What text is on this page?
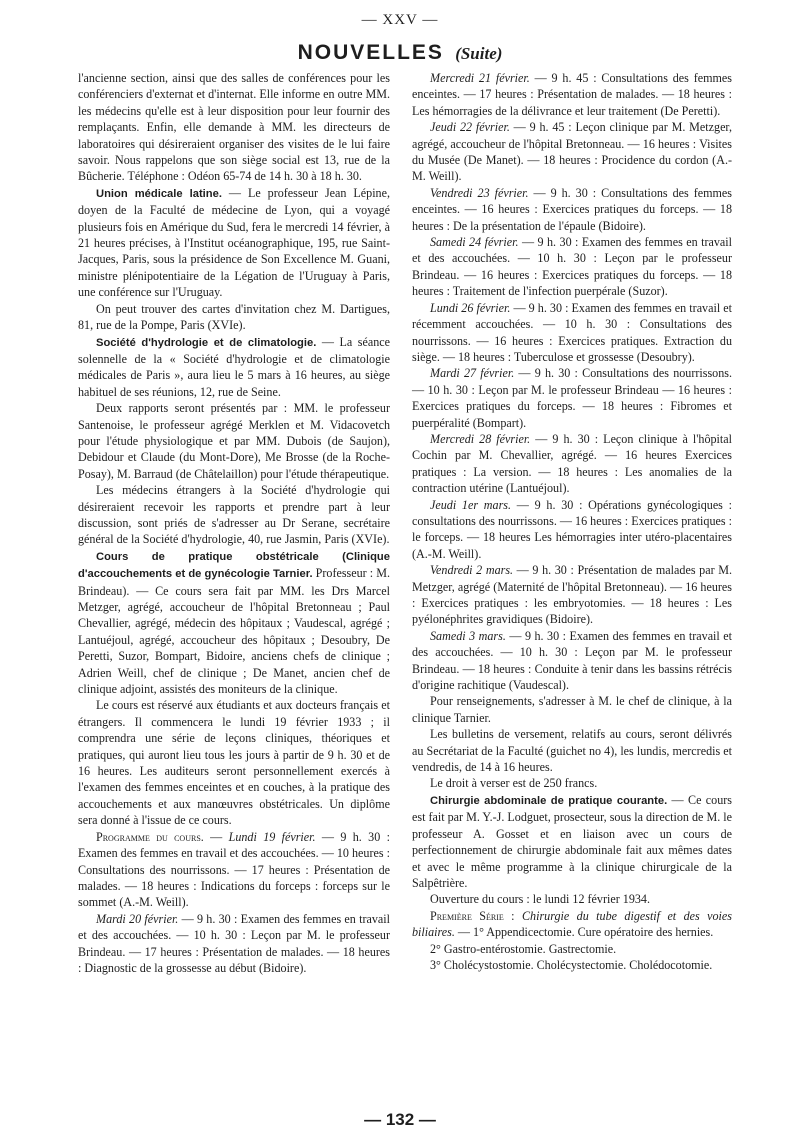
— XXV —
NOUVELLES (Suite)

l'ancienne section, ainsi que des salles de conférences pour les conférenciers d'externat et d'internat. Elle informe en outre MM. les médecins qu'elle est à leur disposition pour leur fournir des remplaçants. Enfin, elle demande à MM. les directeurs de laboratoires qui désireraient organiser des visites de le lui faire savoir. Nous rappelons que son siège social est 13, rue de la Bûcherie. Téléphone : Odéon 65-74 de 14 h. 30 à 18 h. 30.

Union médicale latine. — Le professeur Jean Lépine, doyen de la Faculté de médecine de Lyon, qui a voyagé plusieurs fois en Amérique du Sud, fera le mercredi 14 février, à 21 heures précises, à l'Institut océanographique, 195, rue Saint-Jacques, Paris, sous la présidence de Son Excellence M. Guani, ministre plénipotentiaire de la Légation de l'Uruguay à Paris, une conférence sur l'Uruguay.

On peut trouver des cartes d'invitation chez M. Dartigues, 81, rue de la Pompe, Paris (XVIe).

Société d'hydrologie et de climatologie. — La séance solennelle de la « Société d'hydrologie et de climatologie médicales de Paris », aura lieu le 5 mars à 16 heures, au siège habituel de ses réunions, 12, rue de Seine.

Deux rapports seront présentés par : MM. le professeur Santenoise, le professeur agrégé Merklen et M. Vidacovetch pour l'étude physiologique et par MM. Dubois (de Saujon), Debidour et Claude (du Mont-Dore), Me Brosse (de la Roche-Posay), M. Barraud (de Châtelaillon) pour l'étude thérapeutique.

Les médecins étrangers à la Société d'hydrologie qui désireraient recevoir les rapports et prendre part à leur discussion, sont priés de s'adresser au Dr Serane, secrétaire général de la Société d'hydrologie, 40, rue Jasmin, Paris (XVIe).

Cours de pratique obstétricale (Clinique d'accouchements et de gynécologie Tarnier. Professeur : M. Brindeau). — Ce cours sera fait par MM. les Drs Marcel Metzger, agrégé, accoucheur de l'hôpital Bretonneau ; Paul Chevallier, agrégé, médecin des hôpitaux ; Vaudescal, agrégé ; Lantuéjoul, agrégé, accoucheur des hôpitaux ; Desoubry, De Peretti, Suzor, Bompart, Bidoire, anciens chefs de clinique ; Adrien Weill, chef de clinique ; De Manet, ancien chef de clinique adjoint, assistés des moniteurs de la clinique.

Le cours est réservé aux étudiants et aux docteurs français et étrangers. Il commencera le lundi 19 février 1933 ; il comprendra une série de leçons cliniques, théoriques et pratiques, qui auront lieu tous les jours à partir de 9 h. 30 et de 16 heures. Les auditeurs seront personnellement exercés à l'examen des femmes enceintes et en couches, à la pratique des accouchements et aux manœuvres obstétricales. Un diplôme sera donné à l'issue de ce cours.

Programme du cours. — Lundi 19 février. — 9 h. 30 : Examen des femmes en travail et des accouchées. — 10 heures : Consultations des nourrissons. — 17 heures : Présentation de malades. — 18 heures : Indications du forceps : forceps sur le sommet (A.-M. Weill).

Mardi 20 février. — 9 h. 30 : Examen des femmes en travail et des accouchées. — 10 h. 30 : Leçon par M. le professeur Brindeau. — 17 heures : Présentation de malades. — 18 heures : Diagnostic de la grossesse au début (Bidoire).

Mercredi 21 février. — 9 h. 45 : Consultations des femmes enceintes. — 17 heures : Présentation de malades. — 18 heures : Les hémorragies de la délivrance et leur traitement (De Peretti).

Jeudi 22 février. — 9 h. 45 : Leçon clinique par M. Metzger, agrégé, accoucheur de l'hôpital Bretonneau. — 16 heures : Visites du Musée (De Manet). — 18 heures : Procidence du cordon (A.-M. Weill).

Vendredi 23 février. — 9 h. 30 : Consultations des femmes enceintes. — 16 heures : Exercices pratiques du forceps. — 18 heures : De la présentation de l'épaule (Bidoire).

Samedi 24 février. — 9 h. 30 : Examen des femmes en travail et des accouchées. — 10 h. 30 : Leçon par le professeur Brindeau. — 16 heures : Exercices pratiques du forceps. — 18 heures : Traitement de l'infection puerpérale (Suzor).

Lundi 26 février. — 9 h. 30 : Examen des femmes en travail et récemment accouchées. — 10 h. 30 : Consultations des nourrissons. — 16 heures : Exercices pratiques. Extraction du siège. — 18 heures : Tuberculose et grossesse (Desoubry).

Mardi 27 février. — 9 h. 30 : Consultations des nourrissons. — 10 h. 30 : Leçon par M. le professeur Brindeau — 16 heures : Exercices pratiques du forceps. — 18 heures : Fibromes et puerpéralité (Bompart).

Mercredi 28 février. — 9 h. 30 : Leçon clinique à l'hôpital Cochin par M. Chevallier, agrégé. — 16 heures Exercices pratiques : La version. — 18 heures : Les anomalies de la contraction utérine (Lantuéjoul).

Jeudi 1er mars. — 9 h. 30 : Opérations gynécologiques : consultations des nourrissons. — 16 heures : Exercices pratiques : le forceps. — 18 heures Les hémorragies inter utéro-placentaires (A.-M. Weill).

Vendredi 2 mars. — 9 h. 30 : Présentation de malades par M. Metzger, agrégé (Maternité de l'hôpital Bretonneau). — 16 heures : Exercices pratiques : les embryotomies. — 18 heures : Les pyélonéphrites gravidiques (Bidoire).

Samedi 3 mars. — 9 h. 30 : Examen des femmes en travail et des accouchées. — 10 h. 30 : Leçon par M. le professeur Brindeau. — 18 heures : Conduite à tenir dans les bassins rétrécis d'origine rachitique (Vaudescal).

Pour renseignements, s'adresser à M. le chef de clinique, à la clinique Tarnier.

Les bulletins de versement, relatifs au cours, seront délivrés au Secrétariat de la Faculté (guichet no 4), les lundis, mercredis et vendredis, de 14 à 16 heures.

Le droit à verser est de 250 francs.

Chirurgie abdominale de pratique courante. — Ce cours est fait par M. Y.-J. Lodguet, prosecteur, sous la direction de M. le professeur A. Gosset et en liaison avec un cours de perfectionnement de chirurgie abdominale fait aux mêmes dates et avec le même programme à la clinique chirurgicale de la Salpêtrière.

Ouverture du cours : le lundi 12 février 1934.

Première Série : Chirurgie du tube digestif et des voies biliaires. — 1° Appendicectomie. Cure opératoire des hernies.

2° Gastro-entérostomie. Gastrectomie.

3° Cholécystostomie. Cholécystectomie. Cholédocotomie.

— 132 —
